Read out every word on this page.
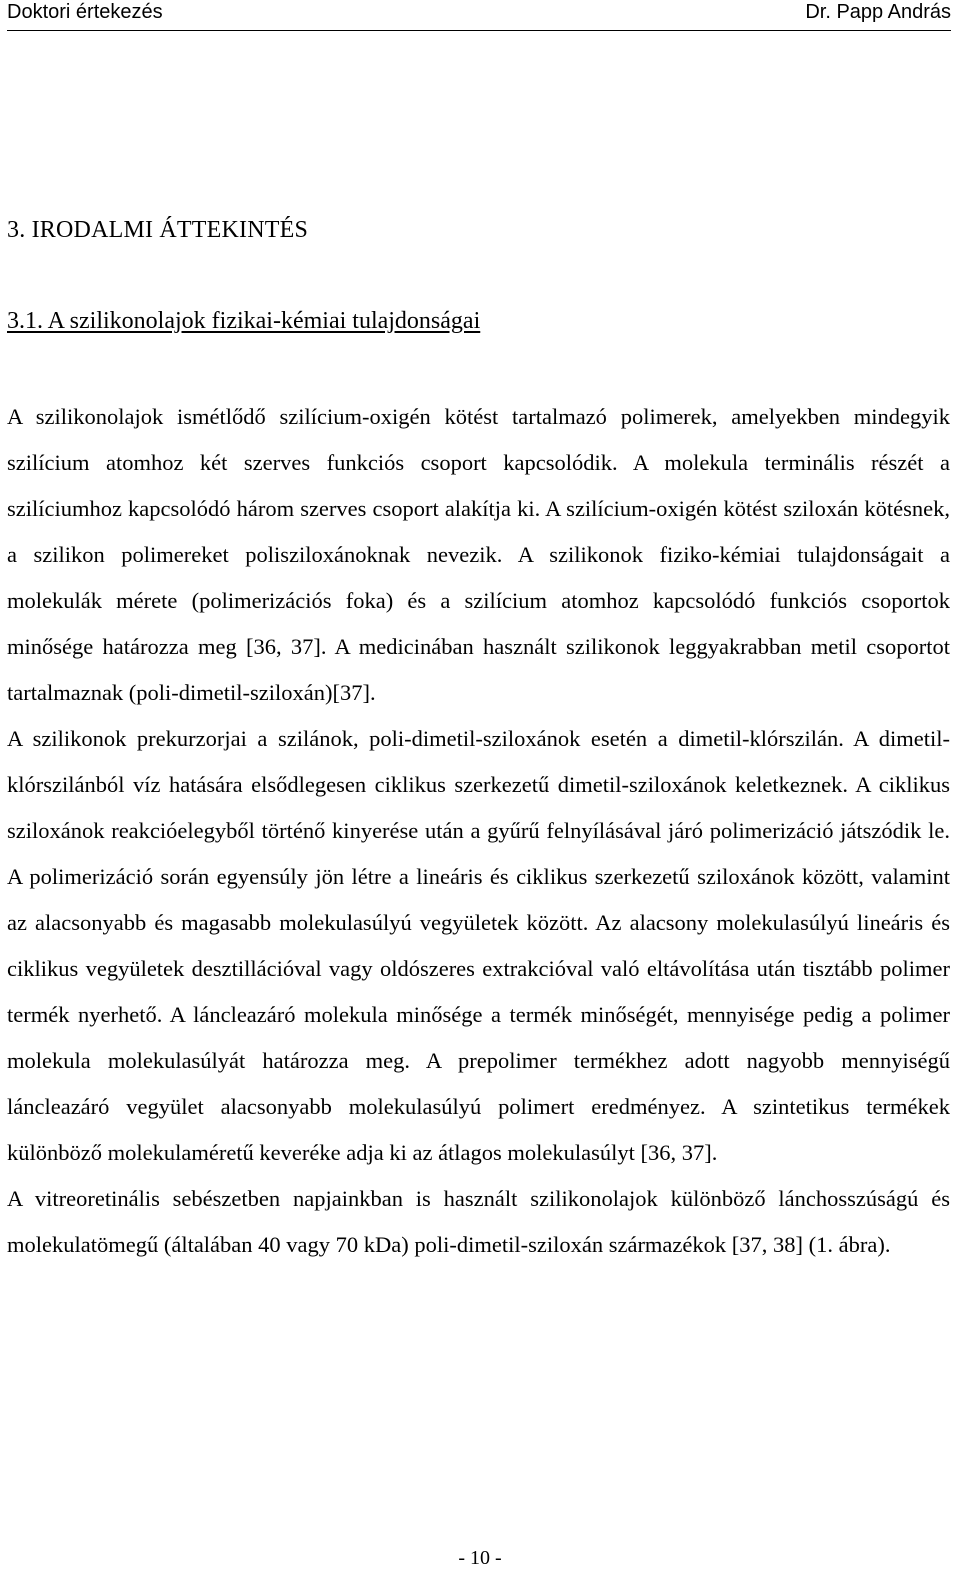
Doktori értekezés	Dr. Papp András
3. IRODALMI ÁTTEKINTÉS
3.1. A szilikonolajok fizikai-kémiai tulajdonságai

A szilikonolajok ismétlődő szilícium-oxigén kötést tartalmazó polimerek, amelyekben mindegyik szilícium atomhoz két szerves funkciós csoport kapcsolódik. A molekula terminális részét a szilíciumhoz kapcsolódó három szerves csoport alakítja ki. A szilícium-oxigén kötést sziloxán kötésnek, a szilikon polimereket polisziloxánoknak nevezik. A szilikonok fiziko-kémiai tulajdonságait a molekulák mérete (polimerizációs foka) és a szilícium atomhoz kapcsolódó funkciós csoportok minősége határozza meg [36, 37]. A medicinában használt szilikonok leggyakrabban metil csoportot tartalmaznak (poli-dimetil-sziloxán)[37].

A szilikonok prekurzorjai a szilánok, poli-dimetil-sziloxánok esetén a dimetil-klórszilán. A dimetil-klórszilánból víz hatására elsődlegesen ciklikus szerkezetű dimetil-sziloxánok keletkeznek. A ciklikus sziloxánok reakcióelegyből történő kinyerése után a gyűrű felnyílásával járó polimerizáció játszódik le. A polimerizáció során egyensúly jön létre a lineáris és ciklikus szerkezetű sziloxánok között, valamint az alacsonyabb és magasabb molekulasúlyú vegyületek között. Az alacsony molekulasúlyú lineáris és ciklikus vegyületek desztillációval vagy oldószeres extrakcióval való eltávolítása után tisztább polimer termék nyerhető. A láncleazáró molekula minősége a termék minőségét, mennyisége pedig a polimer molekula molekulasúlyát határozza meg. A prepolimer termékhez adott nagyobb mennyiségű láncleazáró vegyület alacsonyabb molekulasúlyú polimert eredményez. A szintetikus termékek különböző molekulaméretű keveréke adja ki az átlagos molekulasúlyt [36, 37].

A vitreoretinális sebészetben napjainkban is használt szilikonolajok különböző lánchosszúságú és molekulatömegű (általában 40 vagy 70 kDa) poli-dimetil-sziloxán származékok [37, 38] (1. ábra).

- 10 -
